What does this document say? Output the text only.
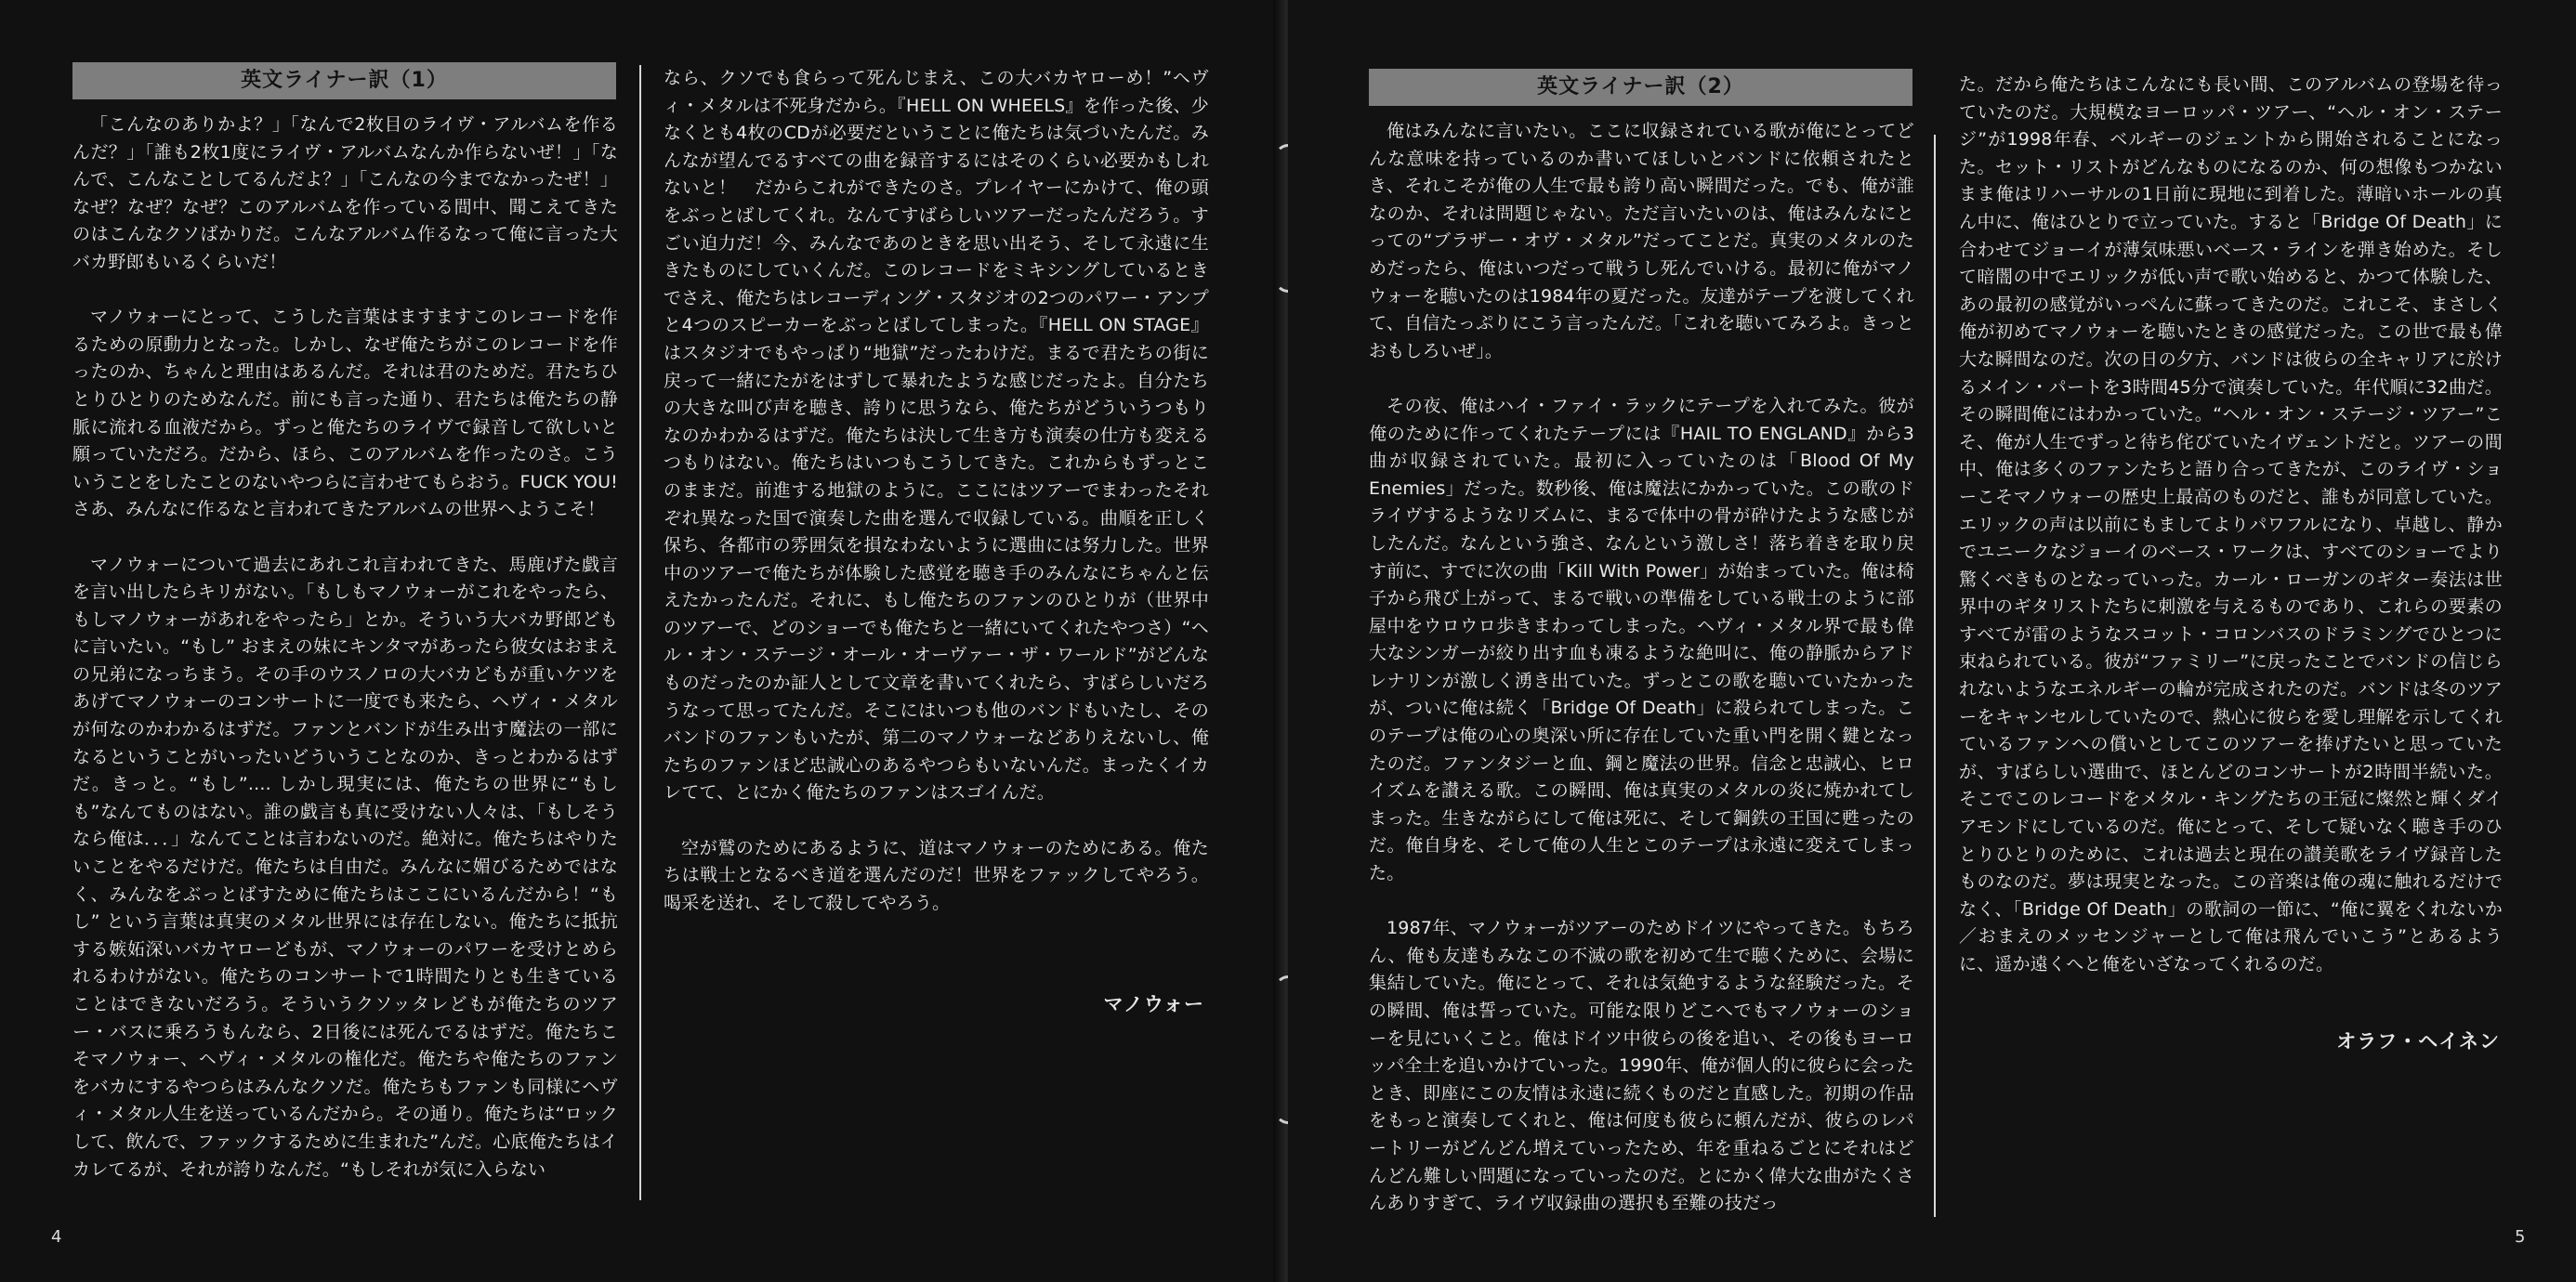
英文ライナー訳（1）

「こんなのありかよ？」「なんで2枚目のライヴ・アルバムを作るんだ？」「誰も2枚1度にライヴ・アルバムなんか作らないぜ！」「なんで、こんなことしてるんだよ？」「こんなの今までなかったぜ！」なぜ？なぜ？なぜ？このアルバムを作っている間中、聞こえてきたのはこんなクソばかりだ。こんなアルバム作るなって俺に言った大バカ野郎もいるくらいだ！

マノウォーにとって、こうした言葉はますますこのレコードを作るための原動力となった。しかし、なぜ俺たちがこのレコードを作ったのか、ちゃんと理由はあるんだ。それは君のためだ。君たちひとりひとりのためなんだ。前にも言った通り、君たちは俺たちの静脈に流れる血液だから。ずっと俺たちのライヴで録音して欲しいと願っていただろ。だから、ほら、このアルバムを作ったのさ。こういうことをしたことのないやつらに言わせてもらおう。FUCK YOU!　さあ、みんなに作るなと言われてきたアルバムの世界へようこそ！

マノウォーについて過去にあれこれ言われてきた、馬鹿げた戯言を言い出したらキリがない。「もしもマノウォーがこれをやったら、もしマノウォーがあれをやったら」とか。そういう大バカ野郎どもに言いたい。“もし” おまえの妹にキンタマがあったら彼女はおまえの兄弟になっちまう。その手のウスノロの大バカどもが重いケツをあげてマノウォーのコンサートに一度でも来たら、ヘヴィ・メタルが何なのかわかるはずだ。ファンとバンドが生み出す魔法の一部になるということがいったいどういうことなのか、きっとわかるはずだ。きっと。“もし”.... しかし現実には、俺たちの世界に“もしも”なんてものはない。誰の戯言も真に受けない人々は、「もしそうなら俺は．．．」なんてことは言わないのだ。絶対に。俺たちはやりたいことをやるだけだ。俺たちは自由だ。みんなに媚びるためではなく、みんなをぶっとばすために俺たちはここにいるんだから！“もし” という言葉は真実のメタル世界には存在しない。俺たちに抵抗する嫉妬深いバカヤローどもが、マノウォーのパワーを受けとめられるわけがない。俺たちのコンサートで1時間たりとも生きていることはできないだろう。そういうクソッタレどもが俺たちのツアー・バスに乗ろうもんなら、2日後には死んでるはずだ。俺たちこそマノウォー、ヘヴィ・メタルの権化だ。俺たちや俺たちのファンをバカにするやつらはみんなクソだ。俺たちもファンも同様にヘヴィ・メタル人生を送っているんだから。その通り。俺たちは“ロックして、飲んで、ファックするために生まれた”んだ。心底俺たちはイカレてるが、それが誇りなんだ。“もしそれが気に入らない

なら、クソでも食らって死んじまえ、この大バカヤローめ！”ヘヴィ・メタルは不死身だから。『HELL ON WHEELS』を作った後、少なくとも4枚のCDが必要だということに俺たちは気づいたんだ。みんなが望んでるすべての曲を録音するにはそのくらい必要かもしれないと！　だからこれができたのさ。プレイヤーにかけて、俺の頭をぶっとばしてくれ。なんてすばらしいツアーだったんだろう。すごい迫力だ！今、みんなであのときを思い出そう、そして永遠に生きたものにしていくんだ。このレコードをミキシングしているときでさえ、俺たちはレコーディング・スタジオの2つのパワー・アンプと4つのスピーカーをぶっとばしてしまった。『HELL ON STAGE』はスタジオでもやっぱり“地獄”だったわけだ。まるで君たちの街に戻って一緒にたがをはずして暴れたような感じだったよ。自分たちの大きな叫び声を聴き、誇りに思うなら、俺たちがどういうつもりなのかわかるはずだ。俺たちは決して生き方も演奏の仕方も変えるつもりはない。俺たちはいつもこうしてきた。これからもずっとこのままだ。前進する地獄のように。ここにはツアーでまわったそれぞれ異なった国で演奏した曲を選んで収録している。曲順を正しく保ち、各都市の雰囲気を損なわないように選曲には努力した。世界中のツアーで俺たちが体験した感覚を聴き手のみんなにちゃんと伝えたかったんだ。それに、もし俺たちのファンのひとりが（世界中のツアーで、どのショーでも俺たちと一緒にいてくれたやつさ）“ヘル・オン・ステージ・オール・オーヴァー・ザ・ワールド”がどんなものだったのか証人として文章を書いてくれたら、すばらしいだろうなって思ってたんだ。そこにはいつも他のバンドもいたし、そのバンドのファンもいたが、第二のマノウォーなどありえないし、俺たちのファンほど忠誠心のあるやつらもいないんだ。まったくイカレてて、とにかく俺たちのファンはスゴイんだ。

空が鷲のためにあるように、道はマノウォーのためにある。俺たちは戦士となるべき道を選んだのだ！世界をファックしてやろう。喝采を送れ、そして殺してやろう。

マノウォー
4
英文ライナー訳（2）

俺はみんなに言いたい。ここに収録されている歌が俺にとってどんな意味を持っているのか書いてほしいとバンドに依頼されたとき、それこそが俺の人生で最も誇り高い瞬間だった。でも、俺が誰なのか、それは問題じゃない。ただ言いたいのは、俺はみんなにとっての“ブラザー・オヴ・メタル”だってことだ。真実のメタルのためだったら、俺はいつだって戦うし死んでいける。最初に俺がマノウォーを聴いたのは1984年の夏だった。友達がテープを渡してくれて、自信たっぷりにこう言ったんだ。「これを聴いてみろよ。きっとおもしろいぜ」。

その夜、俺はハイ・ファイ・ラックにテープを入れてみた。彼が俺のために作ってくれたテープには『HAIL TO ENGLAND』から3曲が収録されていた。最初に入っていたのは「Blood Of My Enemies」だった。数秒後、俺は魔法にかかっていた。この歌のドライヴするようなリズムに、まるで体中の骨が砕けたような感じがしたんだ。なんという強さ、なんという激しさ！落ち着きを取り戻す前に、すでに次の曲「Kill With Power」が始まっていた。俺は椅子から飛び上がって、まるで戦いの準備をしている戦士のように部屋中をウロウロ歩きまわってしまった。ヘヴィ・メタル界で最も偉大なシンガーが絞り出す血も凍るような絶叫に、俺の静脈からアドレナリンが激しく湧き出ていた。ずっとこの歌を聴いていたかったが、ついに俺は続く「Bridge Of Death」に殺られてしまった。このテープは俺の心の奥深い所に存在していた重い門を開く鍵となったのだ。ファンタジーと血、鋼と魔法の世界。信念と忠誠心、ヒロイズムを讃える歌。この瞬間、俺は真実のメタルの炎に焼かれてしまった。生きながらにして俺は死に、そして鋼鉄の王国に甦ったのだ。俺自身を、そして俺の人生とこのテープは永遠に変えてしまった。

1987年、マノウォーがツアーのためドイツにやってきた。もちろん、俺も友達もみなこの不滅の歌を初めて生で聴くために、会場に集結していた。俺にとって、それは気絶するような経験だった。その瞬間、俺は誓っていた。可能な限りどこへでもマノウォーのショーを見にいくこと。俺はドイツ中彼らの後を追い、その後もヨーロッパ全土を追いかけていった。1990年、俺が個人的に彼らに会ったとき、即座にこの友情は永遠に続くものだと直感した。初期の作品をもっと演奏してくれと、俺は何度も彼らに頼んだが、彼らのレパートリーがどんどん増えていったため、年を重ねるごとにそれはどんどん難しい問題になっていったのだ。とにかく偉大な曲がたくさんありすぎて、ライヴ収録曲の選択も至難の技だっ

た。だから俺たちはこんなにも長い間、このアルバムの登場を待っていたのだ。大規模なヨーロッパ・ツアー、“ヘル・オン・ステージ”が1998年春、ベルギーのジェントから開始されることになった。セット・リストがどんなものになるのか、何の想像もつかないまま俺はリハーサルの1日前に現地に到着した。薄暗いホールの真ん中に、俺はひとりで立っていた。すると「Bridge Of Death」に合わせてジョーイが薄気味悪いベース・ラインを弾き始めた。そして暗闇の中でエリックが低い声で歌い始めると、かつて体験した、あの最初の感覚がいっぺんに蘇ってきたのだ。これこそ、まさしく俺が初めてマノウォーを聴いたときの感覚だった。この世で最も偉大な瞬間なのだ。次の日の夕方、バンドは彼らの全キャリアに於けるメイン・パートを3時間45分で演奏していた。年代順に32曲だ。その瞬間俺にはわかっていた。“ヘル・オン・ステージ・ツアー”こそ、俺が人生でずっと待ち侘びていたイヴェントだと。ツアーの間中、俺は多くのファンたちと語り合ってきたが、このライヴ・ショーこそマノウォーの歴史上最高のものだと、誰もが同意していた。エリックの声は以前にもましてよりパワフルになり、卓越し、静かでユニークなジョーイのベース・ワークは、すべてのショーでより驚くべきものとなっていった。カール・ローガンのギター奏法は世界中のギタリストたちに刺激を与えるものであり、これらの要素のすべてが雷のようなスコット・コロンバスのドラミングでひとつに束ねられている。彼が“ファミリー”に戻ったことでバンドの信じられないようなエネルギーの輪が完成されたのだ。バンドは冬のツアーをキャンセルしていたので、熱心に彼らを愛し理解を示してくれているファンへの償いとしてこのツアーを捧げたいと思っていたが、すばらしい選曲で、ほとんどのコンサートが2時間半続いた。そこでこのレコードをメタル・キングたちの王冠に燦然と輝くダイアモンドにしているのだ。俺にとって、そして疑いなく聴き手のひとりひとりのために、これは過去と現在の讃美歌をライヴ録音したものなのだ。夢は現実となった。この音楽は俺の魂に触れるだけでなく、「Bridge Of Death」の歌詞の一節に、“俺に翼をくれないか／おまえのメッセンジャーとして俺は飛んでいこう”とあるように、遥か遠くへと俺をいざなってくれるのだ。

オラフ・ヘイネン
5
